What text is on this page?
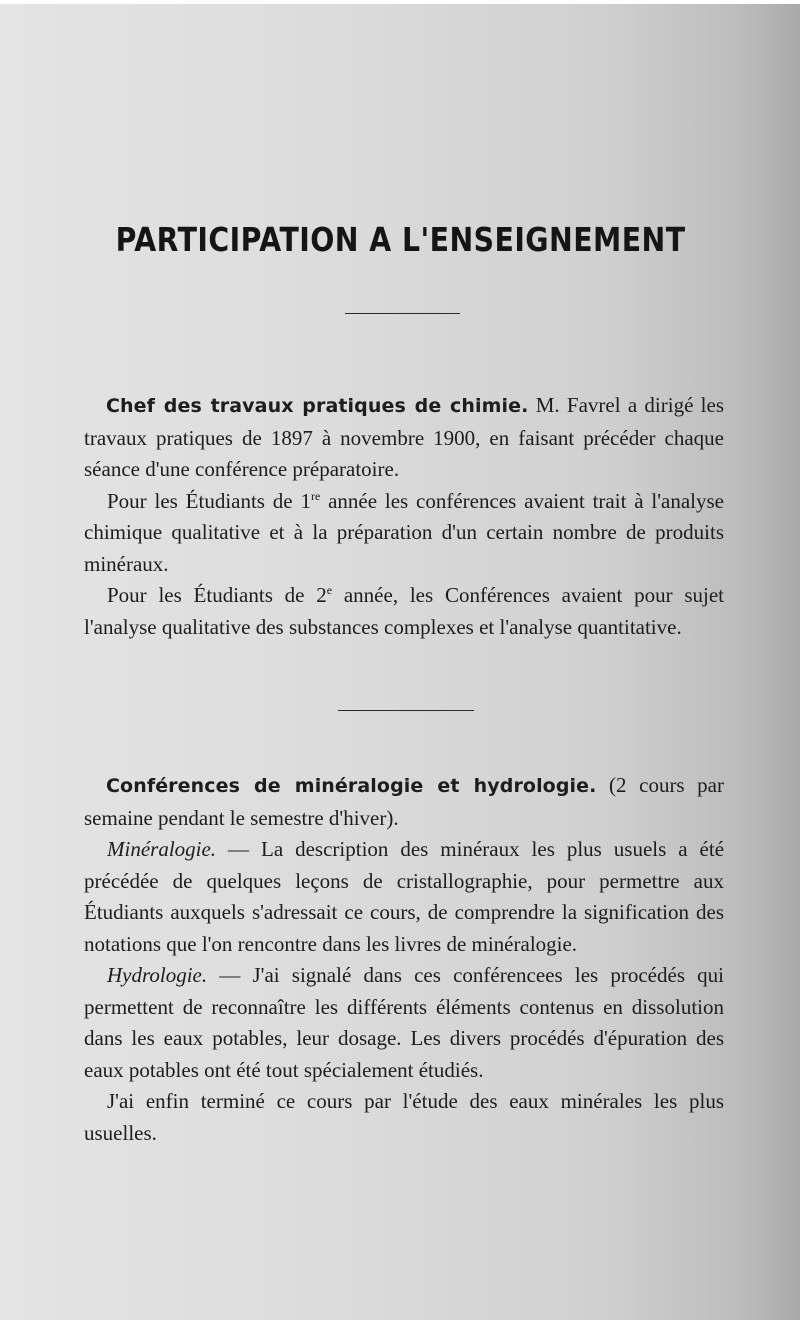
PARTICIPATION A L'ENSEIGNEMENT

Chef des travaux pratiques de chimie. M. Favrel a dirigé les travaux pratiques de 1897 à novembre 1900, en faisant précéder chaque séance d'une conférence préparatoire.

Pour les Étudiants de 1re année les conférences avaient trait à l'analyse chimique qualitative et à la préparation d'un certain nombre de produits minéraux.

Pour les Étudiants de 2e année, les Conférences avaient pour sujet l'analyse qualitative des substances complexes et l'analyse quantitative.

Conférences de minéralogie et hydrologie. (2 cours par semaine pendant le semestre d'hiver).

Minéralogie. — La description des minéraux les plus usuels a été précédée de quelques leçons de cristallographie, pour permettre aux Étudiants auxquels s'adressait ce cours, de comprendre la signification des notations que l'on rencontre dans les livres de minéralogie.

Hydrologie. — J'ai signalé dans ces conférencees les procédés qui permettent de reconnaître les différents éléments contenus en dissolution dans les eaux potables, leur dosage. Les divers procédés d'épuration des eaux potables ont été tout spécialement étudiés.

J'ai enfin terminé ce cours par l'étude des eaux minérales les plus usuelles.
